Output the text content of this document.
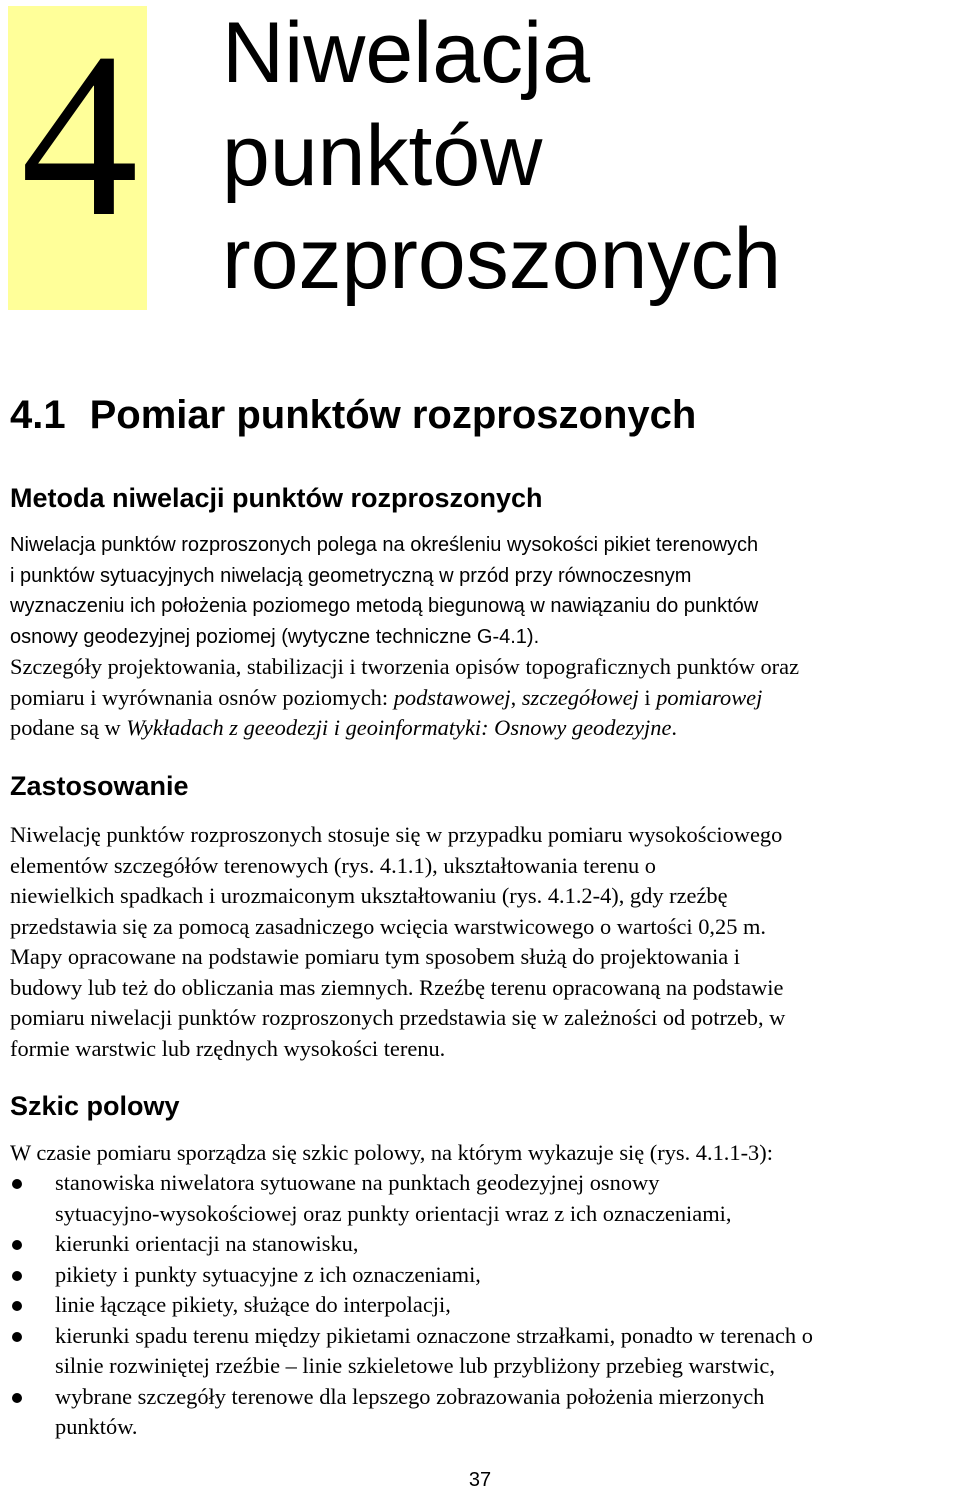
4 Niwelacja
punktów
rozproszonych
4.1 Pomiar punktów rozproszonych
Metoda niwelacji punktów rozproszonych
Niwelacja punktów rozproszonych polega na określeniu wysokości pikiet terenowych
i punktów sytuacyjnych niwelacją geometryczną w przód przy równoczesnym
wyznaczeniu ich położenia poziomego metodą biegunową w nawiązaniu do punktów
osnowy geodezyjnej poziomej (wytyczne techniczne G-4.1).
Szczegóły projektowania, stabilizacji i tworzenia opisów topograficznych punktów oraz
pomiaru i wyrównania osnów poziomych: podstawowej, szczegółowej i pomiarowej
podane są w Wykładach z geeodezji i geoinformatyki: Osnowy geodezyjne.
Zastosowanie
Niwelację punktów rozproszonych stosuje się w przypadku pomiaru wysokościowego
elementów szczegółów terenowych (rys. 4.1.1), ukształtowania terenu o
niewielkich spadkach i urozmaiconym ukształtowaniu (rys. 4.1.2-4), gdy rzeźbę
przedstawia się za pomocą zasadniczego wcięcia warstwicowego o wartości 0,25 m.
Mapy opracowane na podstawie pomiaru tym sposobem służą do projektowania i
budowy lub też do obliczania mas ziemnych. Rzeźbę terenu opracowaną na podstawie
pomiaru niwelacji punktów rozproszonych przedstawia się w zależności od potrzeb, w
formie warstwic lub rzędnych wysokości terenu.
Szkic polowy
W czasie pomiaru sporządza się szkic polowy, na którym wykazuje się (rys. 4.1.1-3):
stanowiska niwelatora sytuowane na punktach geodezyjnej osnowy
sytuacyjno-wysokościowej oraz punkty orientacji wraz z ich oznaczeniami,
kierunki orientacji na stanowisku,
pikiety i punkty sytuacyjne z ich oznaczeniami,
linie łączące pikiety, służące do interpolacji,
kierunki spadu terenu między pikietami oznaczone strzałkami, ponadto w terenach o
silnie rozwiniętej rzeźbie – linie szkieletowe lub przybliżony przebieg warstwic,
wybrane szczegóły terenowe dla lepszego zobrazowania położenia mierzonych
punktów.
37
